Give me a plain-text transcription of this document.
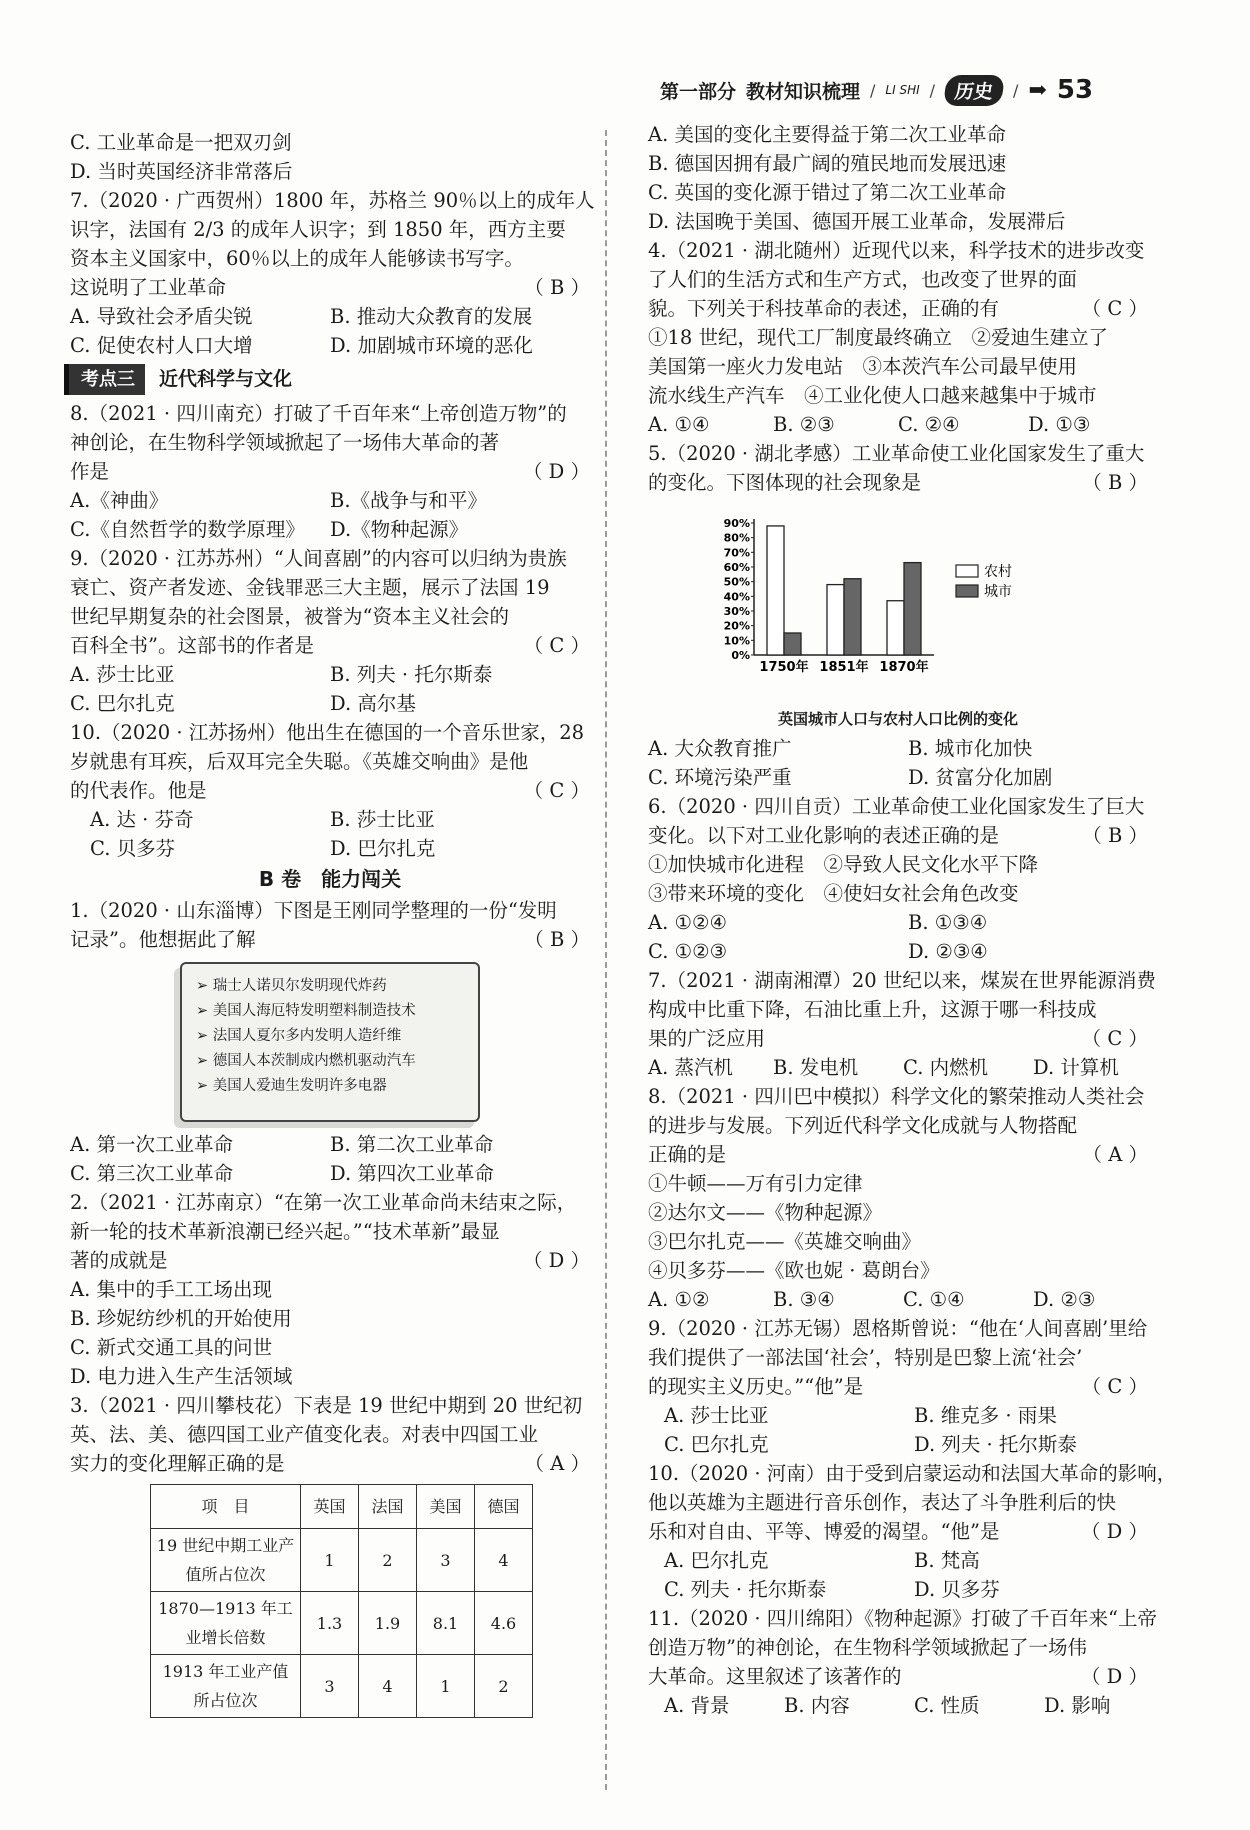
第一部分 教材知识梳理 / LI SHI / 历史	/ ➡ 53
C. 工业革命是一把双刃剑
D. 当时英国经济非常落后
7.（2020 · 广西贺州）1800 年，苏格兰 90％以上的成年人
识字，法国有 2/3 的成年人识字；到 1850 年，西方主要
资本主义国家中，60％以上的成年人能够读书写字。
这说明了工业革命	（ B ）
A. 导致社会矛盾尖锐	B. 推动大众教育的发展
C. 促使农村人口大增	D. 加剧城市环境的恶化
考点三	近代科学与文化
8.（2021 · 四川南充）打破了千百年来“上帝创造万物”的
神创论，在生物科学领域掀起了一场伟大革命的著
作是	（ D ）
A.《神曲》	B.《战争与和平》
C.《自然哲学的数学原理》	D.《物种起源》
9.（2020 · 江苏苏州）“人间喜剧”的内容可以归纳为贵族
衰亡、资产者发迹、金钱罪恶三大主题，展示了法国 19
世纪早期复杂的社会图景，被誉为“资本主义社会的
百科全书”。这部书的作者是	（ C ）
A. 莎士比亚	B. 列夫 · 托尔斯泰
C. 巴尔扎克	D. 高尔基
10.（2020 · 江苏扬州）他出生在德国的一个音乐世家，28
岁就患有耳疾，后双耳完全失聪。《英雄交响曲》是他
的代表作。他是	（ C ）
A. 达 · 芬奇	B. 莎士比亚
C. 贝多芬	D. 巴尔扎克
B 卷　能力闯关
1.（2020 · 山东淄博）下图是王刚同学整理的一份“发明
记录”。他想据此了解	（ B ）
➢ 瑞士人诺贝尔发明现代炸药
➢ 美国人海厄特发明塑料制造技术
➢ 法国人夏尔多内发明人造纤维
➢ 德国人本茨制成内燃机驱动汽车
➢ 美国人爱迪生发明许多电器
A. 第一次工业革命	B. 第二次工业革命
C. 第三次工业革命	D. 第四次工业革命
2.（2021 · 江苏南京）“在第一次工业革命尚未结束之际，
新一轮的技术革新浪潮已经兴起。”“技术革新”最显
著的成就是	（ D ）
A. 集中的手工工场出现
B. 珍妮纺纱机的开始使用
C. 新式交通工具的问世
D. 电力进入生产生活领域
3.（2021 · 四川攀枝花）下表是 19 世纪中期到 20 世纪初
英、法、美、德四国工业产值变化表。对表中四国工业
实力的变化理解正确的是	（ A ）
项　目	英国	法国	美国	德国
19 世纪中期工业产值所占位次	1	2	3	4
1870—1913 年工业增长倍数	1.3	1.9	8.1	4.6
1913 年工业产值所占位次	3	4	1	2
A. 美国的变化主要得益于第二次工业革命
B. 德国因拥有最广阔的殖民地而发展迅速
C. 英国的变化源于错过了第二次工业革命
D. 法国晚于美国、德国开展工业革命，发展滞后
4.（2021 · 湖北随州）近现代以来，科学技术的进步改变
了人们的生活方式和生产方式，也改变了世界的面
貌。下列关于科技革命的表述，正确的有	（ C ）
①18 世纪，现代工厂制度最终确立　②爱迪生建立了
美国第一座火力发电站　③本茨汽车公司最早使用
流水线生产汽车　④工业化使人口越来越集中于城市
A. ①④	B. ②③	C. ②④	D. ①③
5.（2020 · 湖北孝感）工业革命使工业化国家发生了重大
的变化。下图体现的社会现象是	（ B ）
0%
10%
20%
30%
40%
50%
60%
70%
80%
90%
1750年 1851年 1870年
农村
城市
英国城市人口与农村人口比例的变化
A. 大众教育推广	B. 城市化加快
C. 环境污染严重	D. 贫富分化加剧
6.（2020 · 四川自贡）工业革命使工业化国家发生了巨大
变化。以下对工业化影响的表述正确的是	（ B ）
①加快城市化进程　②导致人民文化水平下降
③带来环境的变化　④使妇女社会角色改变
A. ①②④	B. ①③④
C. ①②③	D. ②③④
7.（2021 · 湖南湘潭）20 世纪以来，煤炭在世界能源消费
构成中比重下降，石油比重上升，这源于哪一科技成
果的广泛应用	（ C ）
A. 蒸汽机	B. 发电机	C. 内燃机	D. 计算机
8.（2021 · 四川巴中模拟）科学文化的繁荣推动人类社会
的进步与发展。下列近代科学文化成就与人物搭配
正确的是	（ A ）
①牛顿——万有引力定律
②达尔文——《物种起源》
③巴尔扎克——《英雄交响曲》
④贝多芬——《欧也妮 · 葛朗台》
A. ①②	B. ③④	C. ①④	D. ②③
9.（2020 · 江苏无锡）恩格斯曾说：“他在‘人间喜剧’里给
我们提供了一部法国‘社会’，特别是巴黎上流‘社会’
的现实主义历史。”“他”是	（ C ）
A. 莎士比亚	B. 维克多 · 雨果
C. 巴尔扎克	D. 列夫 · 托尔斯泰
10.（2020 · 河南）由于受到启蒙运动和法国大革命的影响，
他以英雄为主题进行音乐创作，表达了斗争胜利后的快
乐和对自由、平等、博爱的渴望。“他”是	（ D ）
A. 巴尔扎克	B. 梵高
C. 列夫 · 托尔斯泰	D. 贝多芬
11.（2020 · 四川绵阳）《物种起源》打破了千百年来“上帝
创造万物”的神创论，在生物科学领域掀起了一场伟
大革命。这里叙述了该著作的	（ D ）
A. 背景	B. 内容	C. 性质	D. 影响
